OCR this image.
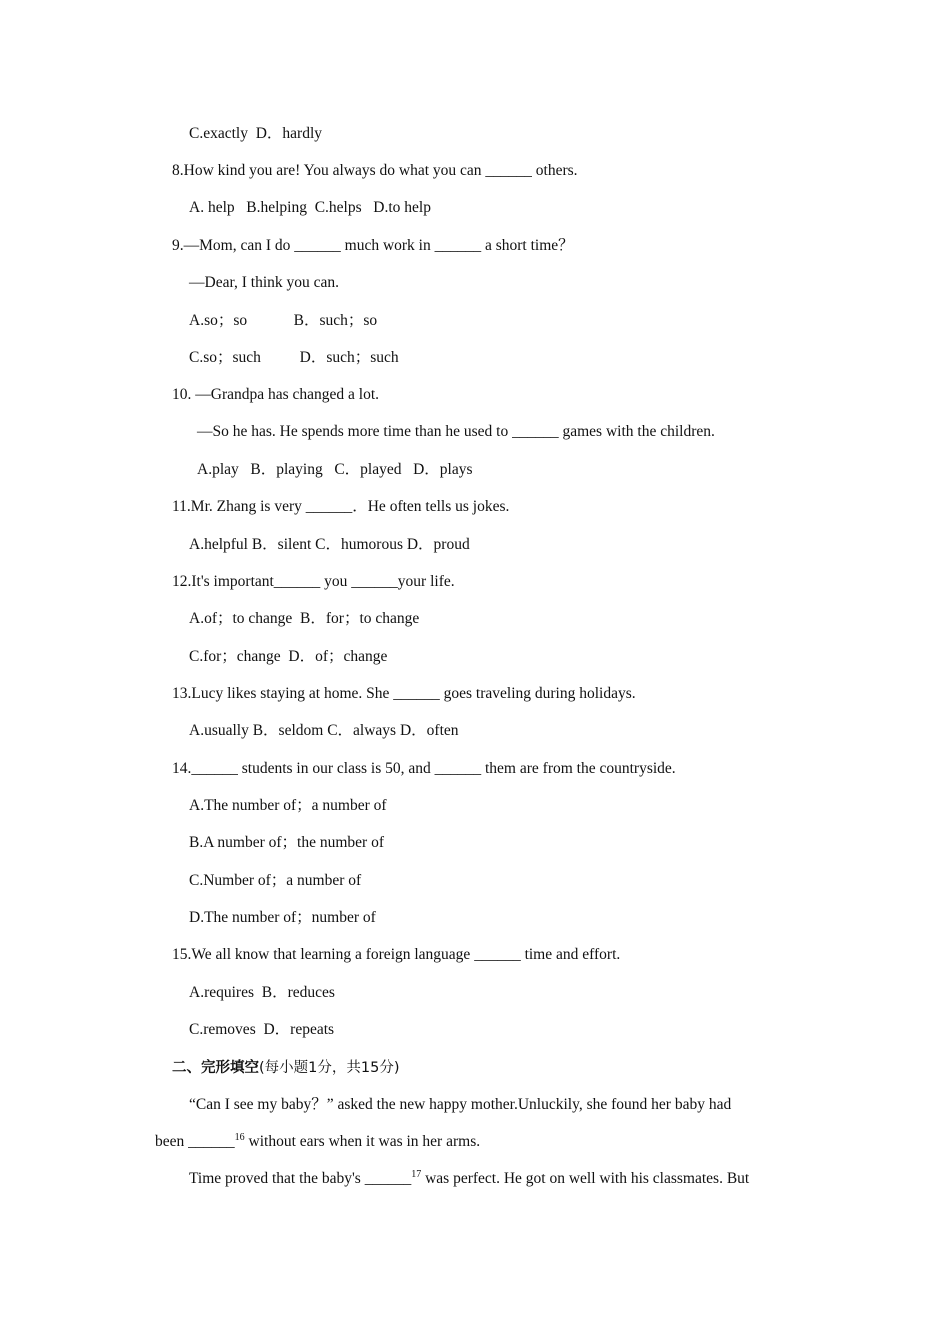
C.exactly  D．hardly
8.How kind you are! You always do what you can ______ others.
A. help   B.helping  C.helps   D.to help
9.—Mom, can I do ______ much work in ______ a short time？
—Dear, I think you can.
A.so；so            B．such；so
C.so；such          D．such；such
10. —Grandpa has changed a lot.
—So he has. He spends more time than he used to ______ games with the children.
A.play   B．playing   C．played   D．plays
11.Mr. Zhang is very ______．He often tells us jokes.
A.helpful B．silent C．humorous D．proud
12.It's important______ you ______your life.
A.of；to change  B．for；to change
C.for；change  D．of；change
13.Lucy likes staying at home. She ______ goes traveling during holidays.
A.usually B．seldom C．always D．often
14.______ students in our class is 50, and ______ them are from the countryside.
A.The number of；a number of
B.A number of；the number of
C.Number of；a number of
D.The number of；number of
15.We all know that learning a foreign language ______ time and effort.
A.requires  B．reduces
C.removes  D．repeats
二、完形填空(每小题1分，共15分)
“Can I see my baby？” asked the new happy mother.Unluckily, she found her baby had
been ______$^{16}$ without ears when it was in her arms.
Time proved that the baby's ______$^{17}$ was perfect. He got on well with his classmates. But
